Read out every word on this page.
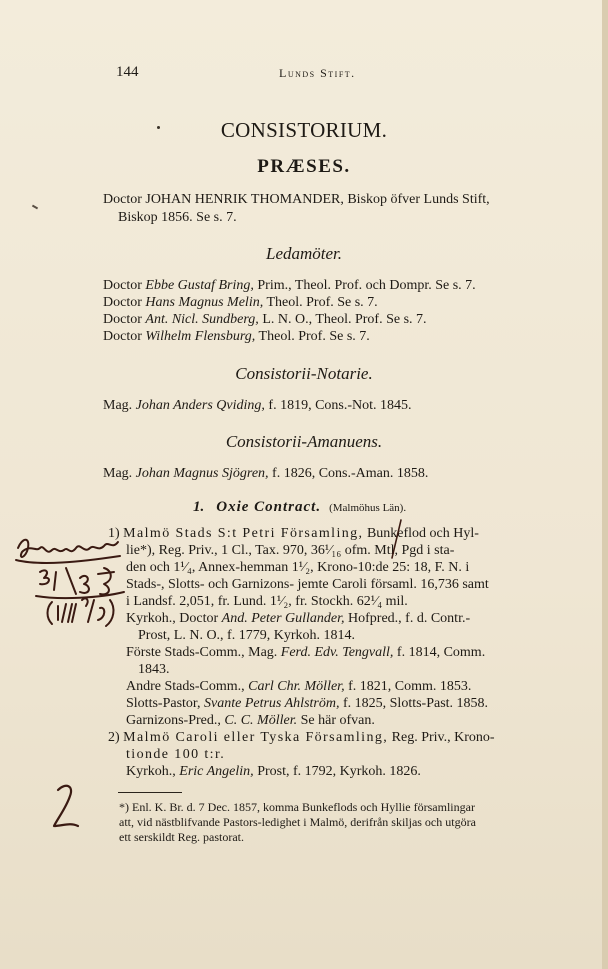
144	Lunds Stift.
CONSISTORIUM.
PRÆSES.
Doctor JOHAN HENRIK THOMANDER, Biskop öfver Lunds Stift,
Biskop 1856. Se s. 7.
Ledamöter.
Doctor Ebbe Gustaf Bring, Prim., Theol. Prof. och Dompr. Se s. 7.
Doctor Hans Magnus Melin, Theol. Prof. Se s. 7.
Doctor Ant. Nicl. Sundberg, L. N. O., Theol. Prof. Se s. 7.
Doctor Wilhelm Flensburg, Theol. Prof. Se s. 7.
Consistorii-Notarie.
Mag. Johan Anders Qviding, f. 1819, Cons.-Not. 1845.
Consistorii-Amanuens.
Mag. Johan Magnus Sjögren, f. 1826, Cons.-Aman. 1858.
1. Oxie Contract. (Malmöhus Län).
1) Malmö Stads S:t Petri Församling, Bunkeflod och Hyl-
lie*), Reg. Priv., 1 Cl., Tax. 970, 36¹⁄₁₆ ofm. Mtl, Pgd i sta-
den och 1¹⁄₄, Annex-hemman 1¹⁄₂, Krono-10:de 25: 18, F. N. i
Stads-, Slotts- och Garnizons- jemte Caroli församl. 16,736 samt
i Landsf. 2,051, fr. Lund. 1¹⁄₂, fr. Stockh. 62¹⁄₄ mil.
Kyrkoh., Doctor And. Peter Gullander, Hofpred., f. d. Contr.-
Prost, L. N. O., f. 1779, Kyrkoh. 1814.
Förste Stads-Comm., Mag. Ferd. Edv. Tengvall, f. 1814, Comm.
1843.
Andre Stads-Comm., Carl Chr. Möller, f. 1821, Comm. 1853.
Slotts-Pastor, Svante Petrus Ahlström, f. 1825, Slotts-Past. 1858.
Garnizons-Pred., C. C. Möller. Se här ofvan.
2) Malmö Caroli eller Tyska Församling, Reg. Priv., Krono-
tionde 100 t:r.
Kyrkoh., Eric Angelin, Prost, f. 1792, Kyrkoh. 1826.
*) Enl. K. Br. d. 7 Dec. 1857, komma Bunkeflods och Hyllie församlingar
att, vid nästblifvande Pastors-ledighet i Malmö, derifrån skiljas och utgöra
ett serskildt Reg. pastorat.
